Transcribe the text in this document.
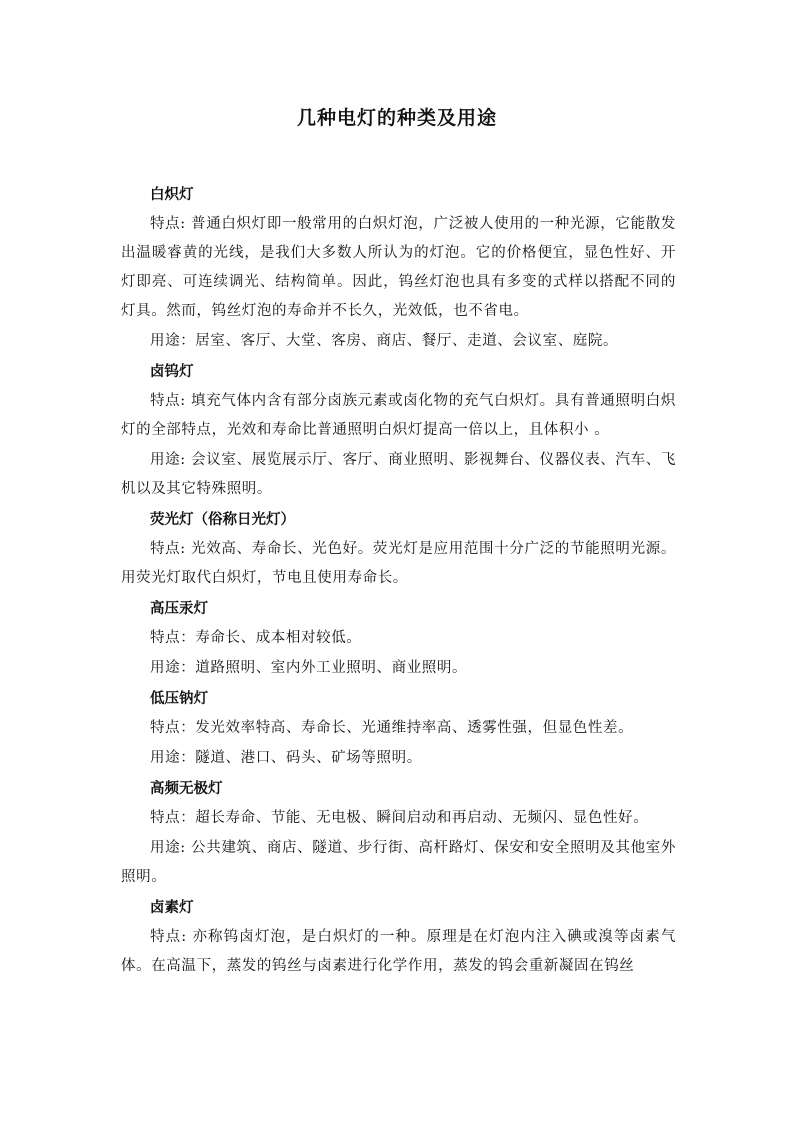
几种电灯的种类及用途
白炽灯
特点: 普通白炽灯即一般常用的白炽灯泡，广泛被人使用的一种光源，它能散发出温暖睿黄的光线，是我们大多数人所认为的灯泡。它的价格便宜，显色性好、开灯即亮、可连续调光、结构简单。因此，钨丝灯泡也具有多变的式样以搭配不同的灯具。然而，钨丝灯泡的寿命并不长久，光效低，也不省电。
用途：居室、客厅、大堂、客房、商店、餐厅、走道、会议室、庭院。
卤钨灯
特点: 填充气体内含有部分卤族元素或卤化物的充气白炽灯。具有普通照明白炽灯的全部特点，光效和寿命比普通照明白炽灯提高一倍以上，且体积小 。
用途: 会议室、展览展示厅、客厅、商业照明、影视舞台、仪器仪表、汽车、飞机以及其它特殊照明。
荧光灯（俗称日光灯）
特点: 光效高、寿命长、光色好。荧光灯是应用范围十分广泛的节能照明光源。用荧光灯取代白炽灯，节电且使用寿命长。
高压汞灯
特点：寿命长、成本相对较低。
用途：道路照明、室内外工业照明、商业照明。
低压钠灯
特点：发光效率特高、寿命长、光通维持率高、透雾性强，但显色性差。
用途：隧道、港口、码头、矿场等照明。
高频无极灯
特点：超长寿命、节能、无电极、瞬间启动和再启动、无频闪、显色性好。
用途: 公共建筑、商店、隧道、步行街、高杆路灯、保安和安全照明及其他室外照明。
卤素灯
特点: 亦称钨卤灯泡，是白炽灯的一种。原理是在灯泡内注入碘或溴等卤素气体。在高温下，蒸发的钨丝与卤素进行化学作用，蒸发的钨会重新凝固在钨丝
